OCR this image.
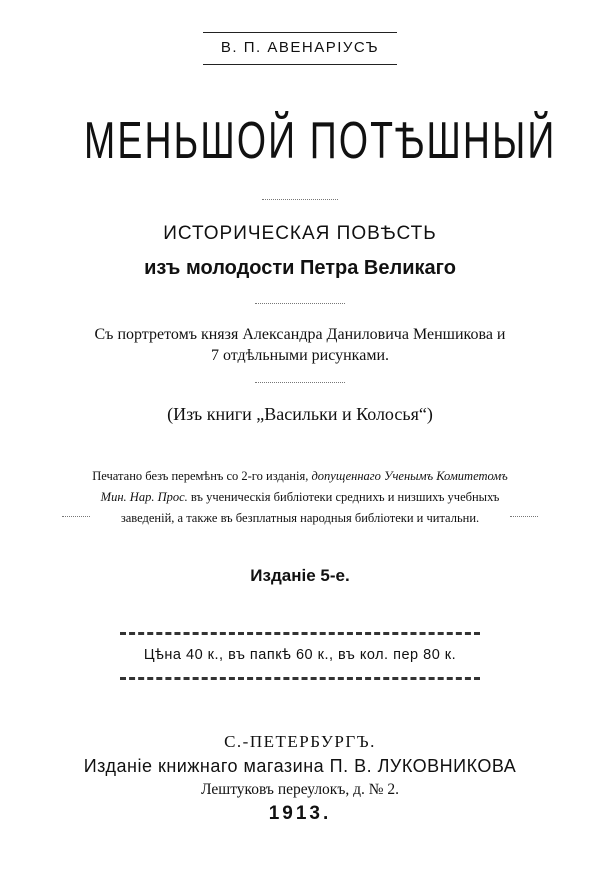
В. П. АВЕНАРІУСЪ
МЕНЬШОЙ ПОТѢШНЫЙ
ИСТОРИЧЕСКАЯ ПОВѢСТЬ
изъ молодости Петра Великаго
Съ портретомъ князя Александра Даниловича Меншикова и
7 отдѣльными рисунками.
(Изъ книги „Васильки и Колосья“)
Печатано безъ перемѣнъ со 2-го изданія, допущеннаго Ученымъ Комитетомъ
Мин. Нар. Прос. въ ученическія библіотеки среднихъ и низшихъ учебныхъ
заведеній, а также въ безплатныя народныя библіотеки и читальни.
Изданіе 5-е.
Цѣна 40 к., въ папкѣ 60 к., въ кол. пер 80 к.
С.-ПЕТЕРБУРГЪ.
Изданіе книжнаго магазина П. В. ЛУКОВНИКОВА
Лештуковъ переулокъ, д. № 2.
1913.
